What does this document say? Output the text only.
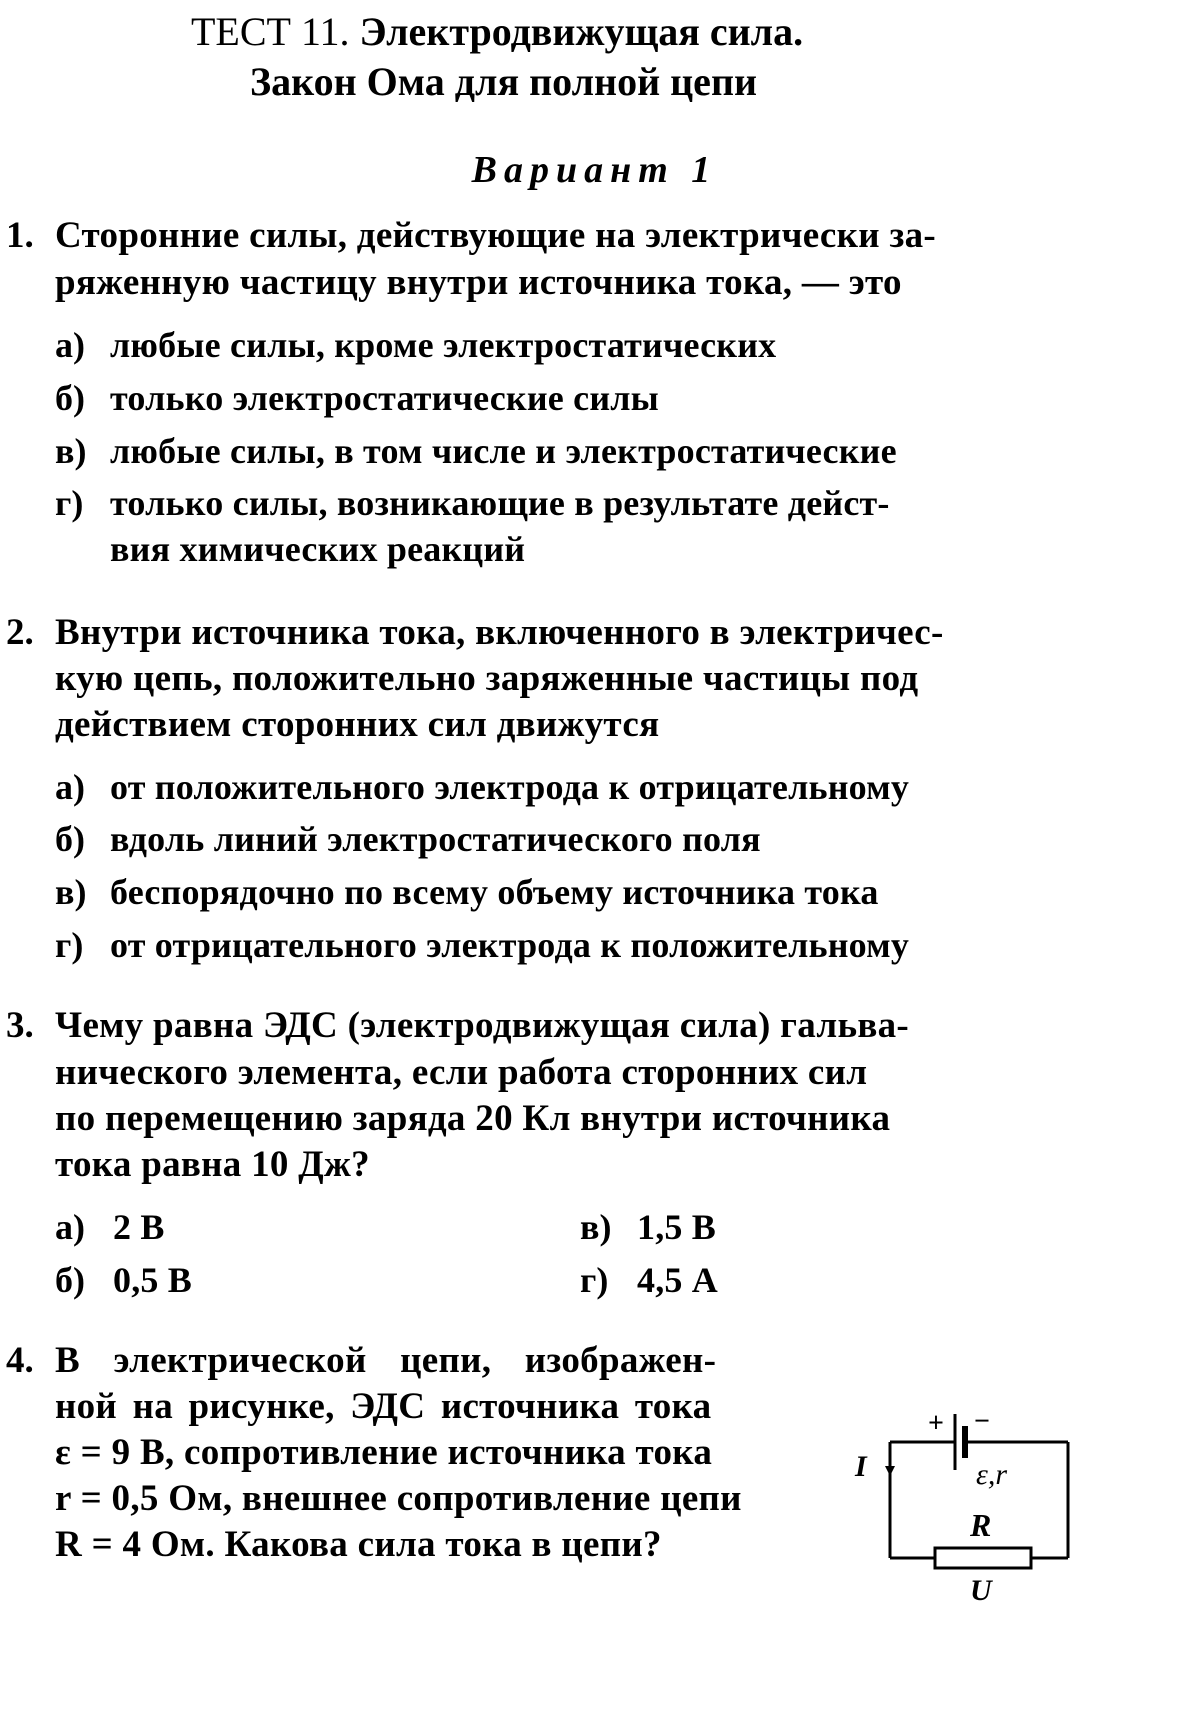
ТЕСТ 11. Электродвижущая сила.
Закон Ома для полной цепи
Вариант 1
1. Сторонние силы, действующие на электрически за-
ряженную частицу внутри источника тока, — это
а) любые силы, кроме электростатических
б) только электростатические силы
в) любые силы, в том числе и электростатические
г) только силы, возникающие в результате дейст-
вия химических реакций
2. Внутри источника тока, включенного в электричес-
кую цепь, положительно заряженные частицы под
действием сторонних сил движутся
а) от положительного электрода к отрицательному
б) вдоль линий электростатического поля
в) беспорядочно по всему объему источника тока
г) от отрицательного электрода к положительному
3. Чему равна ЭДС (электродвижущая сила) гальва-
нического элемента, если работа сторонних сил
по перемещению заряда 20 Кл внутри источника
тока равна 10 Дж?
а) 2 В
б) 0,5 В
в) 1,5 В
г) 4,5 А
4. В электрической цепи, изображен-
ной на рисунке, ЭДС источника тока
ε = 9 В, сопротивление источника тока
r = 0,5 Ом, внешнее сопротивление цепи
R = 4 Ом. Какова сила тока в цепи?
+ −
ε,r
I
R
U
